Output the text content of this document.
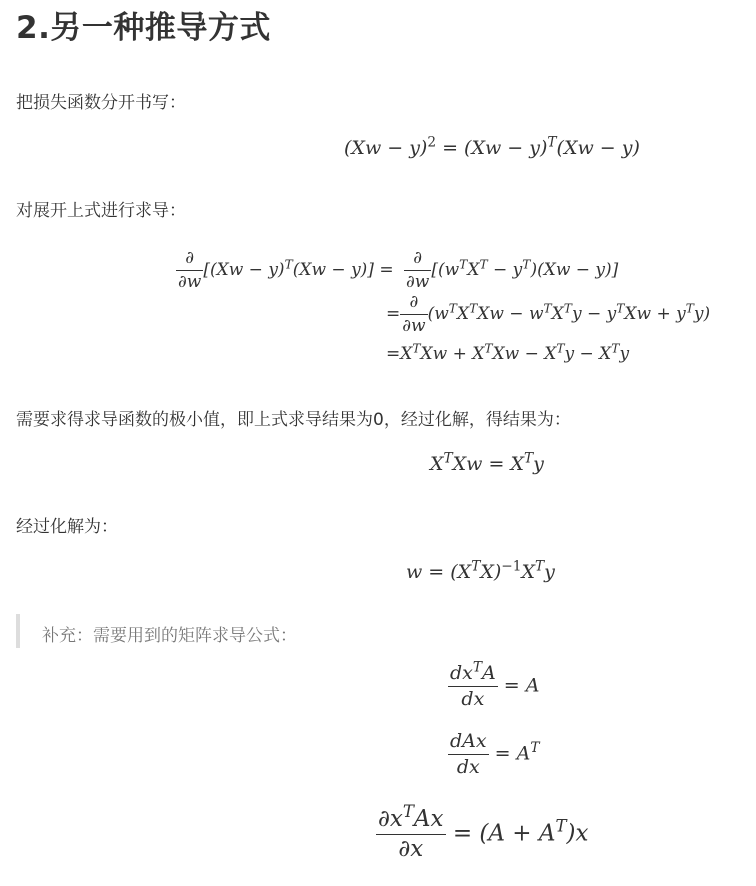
2.另一种推导方式
把损失函数分开书写：
$(Xw - y)^2 = (Xw - y)^T(Xw - y)$
对展开上式进行求导：
$\frac{\partial}{\partial w} [(Xw - y)^T(Xw - y)] = \frac{\partial}{\partial w} [(w^TX^T - y^T)(Xw - y)]$
= $\frac{\partial}{\partial w} (w^TX^TXw - w^TX^Ty - y^TXw + y^Ty)$
$=X^TXw + X^TXw - X^Ty - X^Ty$
需要求得求导函数的极小值，即上式求导结果为0，经过化解，得结果为：
$X^TXw = X^Ty$
经过化解为：
$w = (X^TX)^{-1}X^Ty$
补充：需要用到的矩阵求导公式：
$\frac{dx^TA}{dx} = A$
$\frac{\text{dAx}}{dx} = A^T$
$\frac{\partial x^TAx}{\partial x} = (A + A^T)x$
